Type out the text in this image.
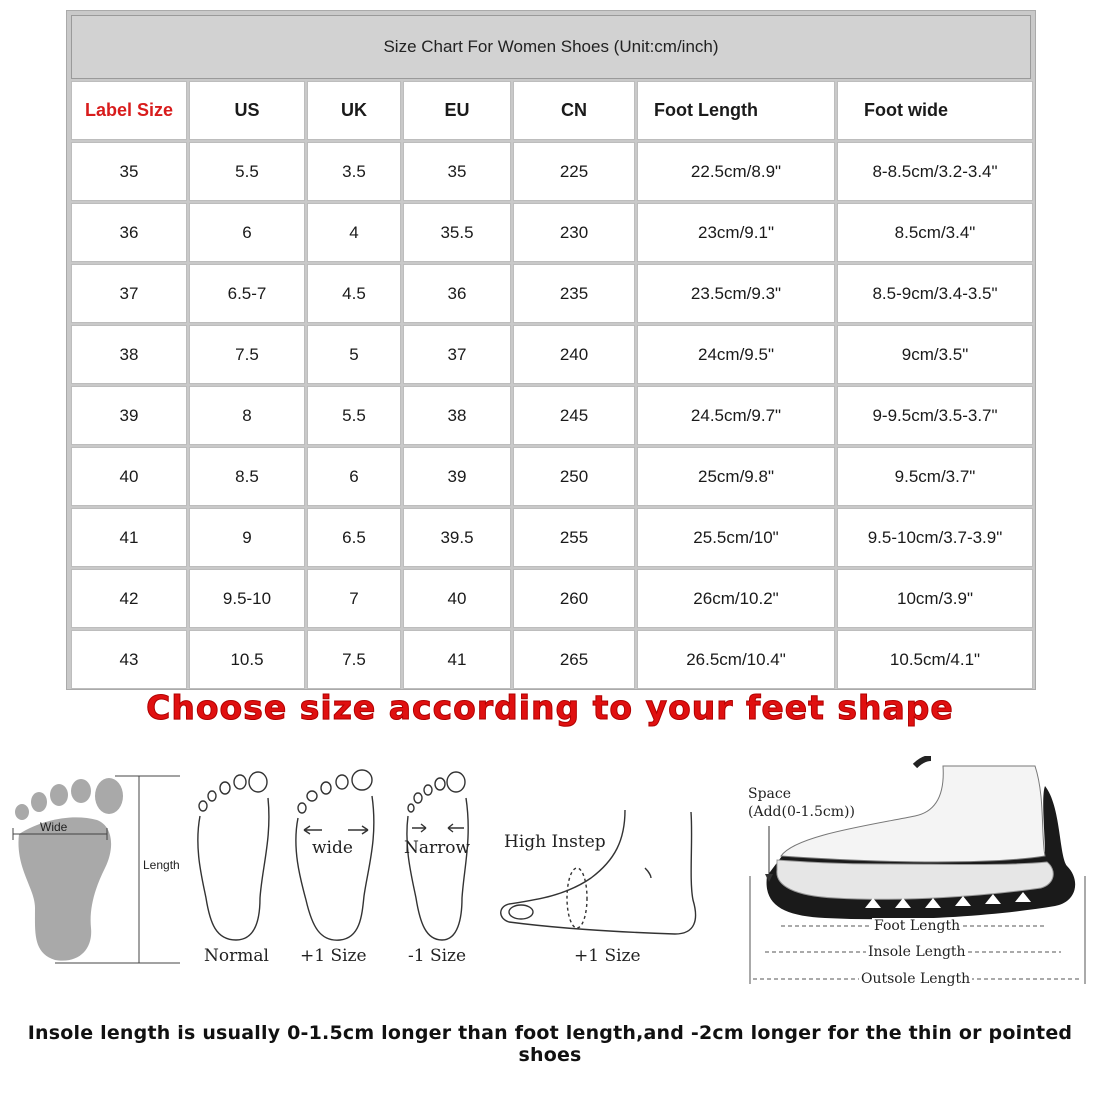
Size Chart For Women Shoes (Unit:cm/inch)
Label Size	US	UK	EU	CN	Foot Length	Foot wide
35	5.5	3.5	35	225	22.5cm/8.9"	8-8.5cm/3.2-3.4"
36	6	4	35.5	230	23cm/9.1"	8.5cm/3.4"
37	6.5-7	4.5	36	235	23.5cm/9.3"	8.5-9cm/3.4-3.5"
38	7.5	5	37	240	24cm/9.5"	9cm/3.5"
39	8	5.5	38	245	24.5cm/9.7"	9-9.5cm/3.5-3.7"
40	8.5	6	39	250	25cm/9.8"	9.5cm/3.7"
41	9	6.5	39.5	255	25.5cm/10"	9.5-10cm/3.7-3.9"
42	9.5-10	7	40	260	26cm/10.2"	10cm/3.9"
43	10.5	7.5	41	265	26.5cm/10.4"	10.5cm/4.1"
Choose size according to your feet shape
Wide
Length
Normal
wide
+1 Size
Narrow
-1 Size
High Instep
+1 Size
Space
(Add(0-1.5cm))
Foot Length
Insole Length
Outsole Length
Insole length is usually 0-1.5cm longer than foot length,and -2cm longer for the thin or pointed shoes
